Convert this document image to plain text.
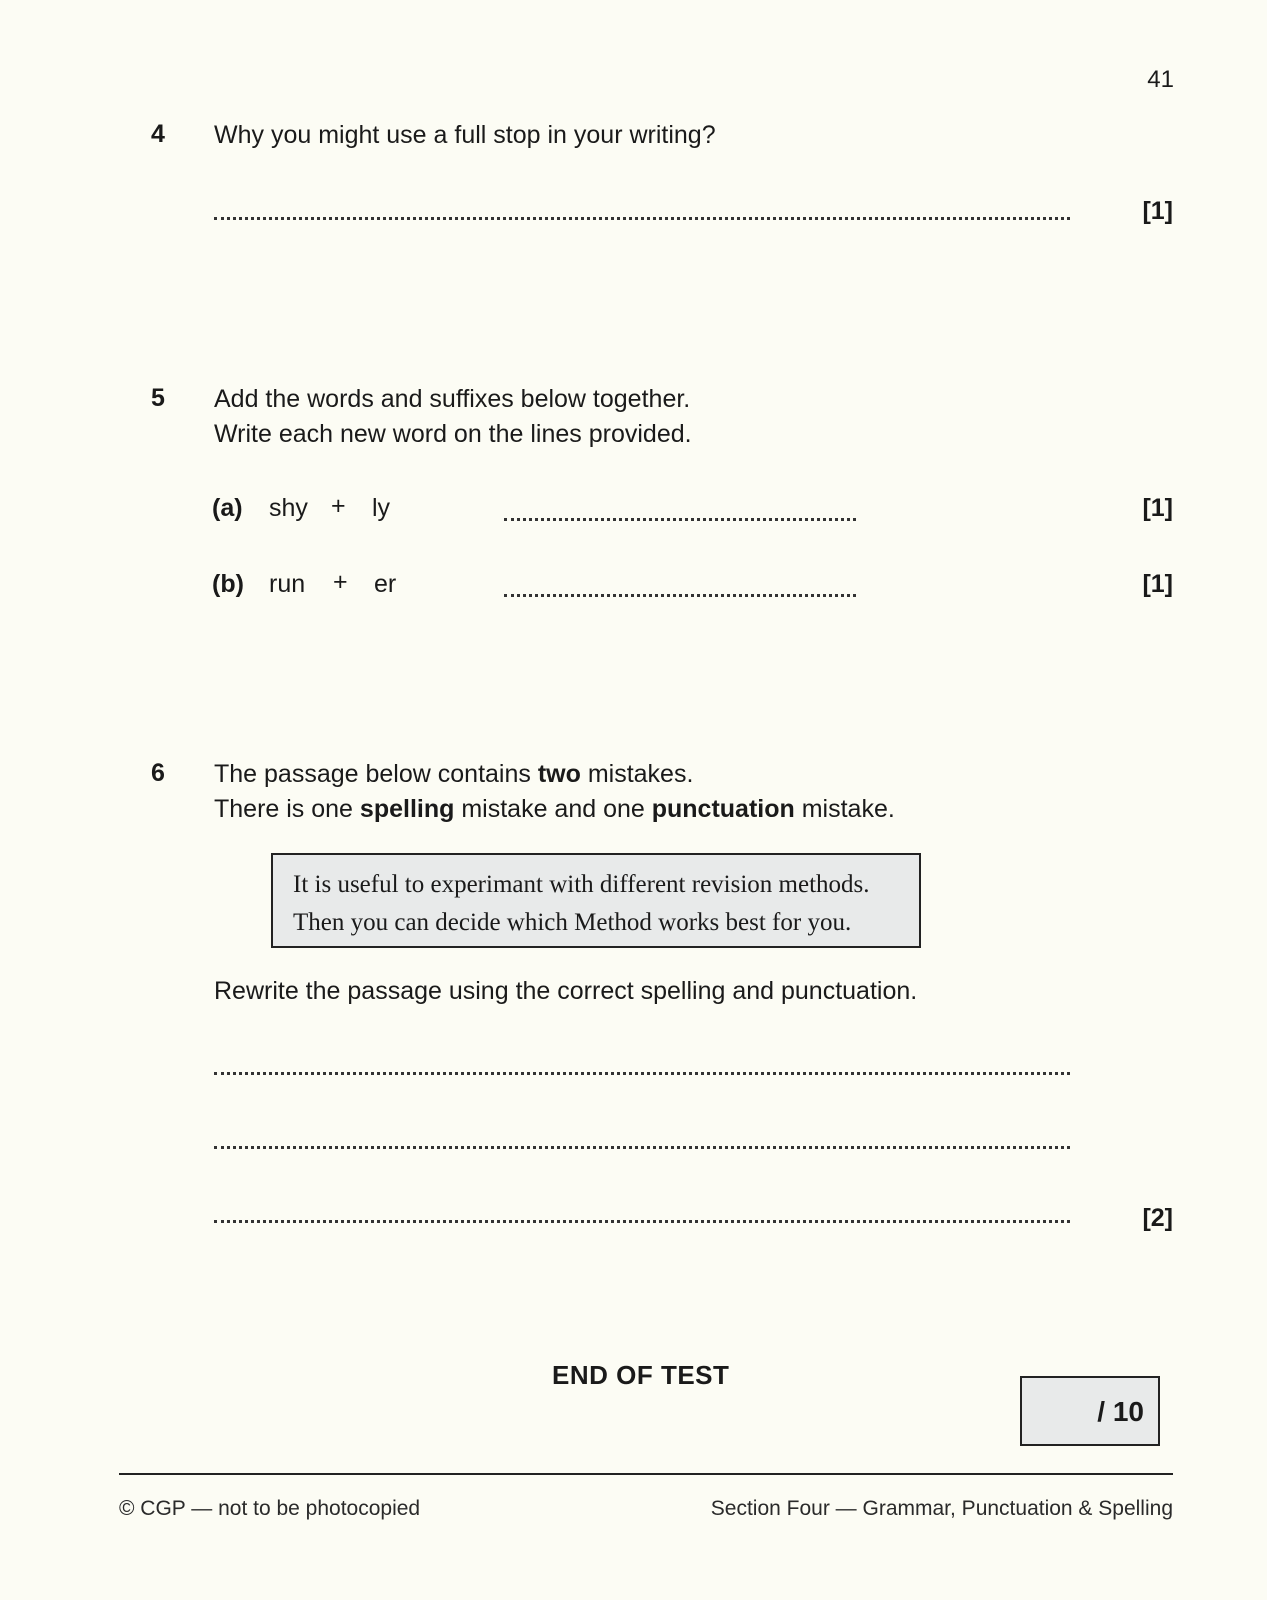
41
4 Why you might use a full stop in your writing?
[1]
5 Add the words and suffixes below together.
Write each new word on the lines provided.
(a) shy + ly	[1]
(b) run + er	[1]
6 The passage below contains two mistakes.
There is one spelling mistake and one punctuation mistake.
It is useful to experimant with different revision methods.
Then you can decide which Method works best for you.
Rewrite the passage using the correct spelling and punctuation.
[2]
END OF TEST
/ 10
© CGP — not to be photocopied	Section Four — Grammar, Punctuation & Spelling
